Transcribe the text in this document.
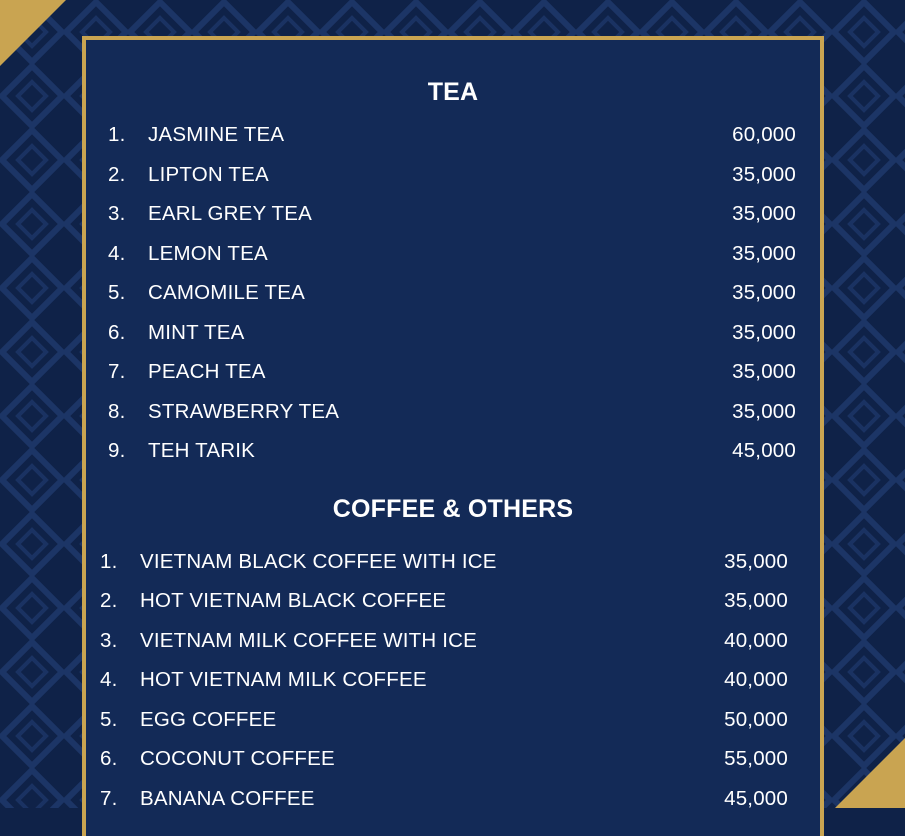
TEA
1. JASMINE TEA	60,000
2. LIPTON TEA	35,000
3. EARL GREY TEA	35,000
4. LEMON TEA	35,000
5. CAMOMILE TEA	35,000
6. MINT TEA	35,000
7. PEACH TEA	35,000
8. STRAWBERRY TEA	35,000
9. TEH TARIK	45,000
COFFEE & OTHERS
1. VIETNAM BLACK COFFEE WITH ICE	35,000
2. HOT VIETNAM BLACK COFFEE	35,000
3. VIETNAM MILK COFFEE WITH ICE	40,000
4. HOT VIETNAM MILK COFFEE	40,000
5. EGG COFFEE	50,000
6. COCONUT COFFEE	55,000
7. BANANA COFFEE	45,000
